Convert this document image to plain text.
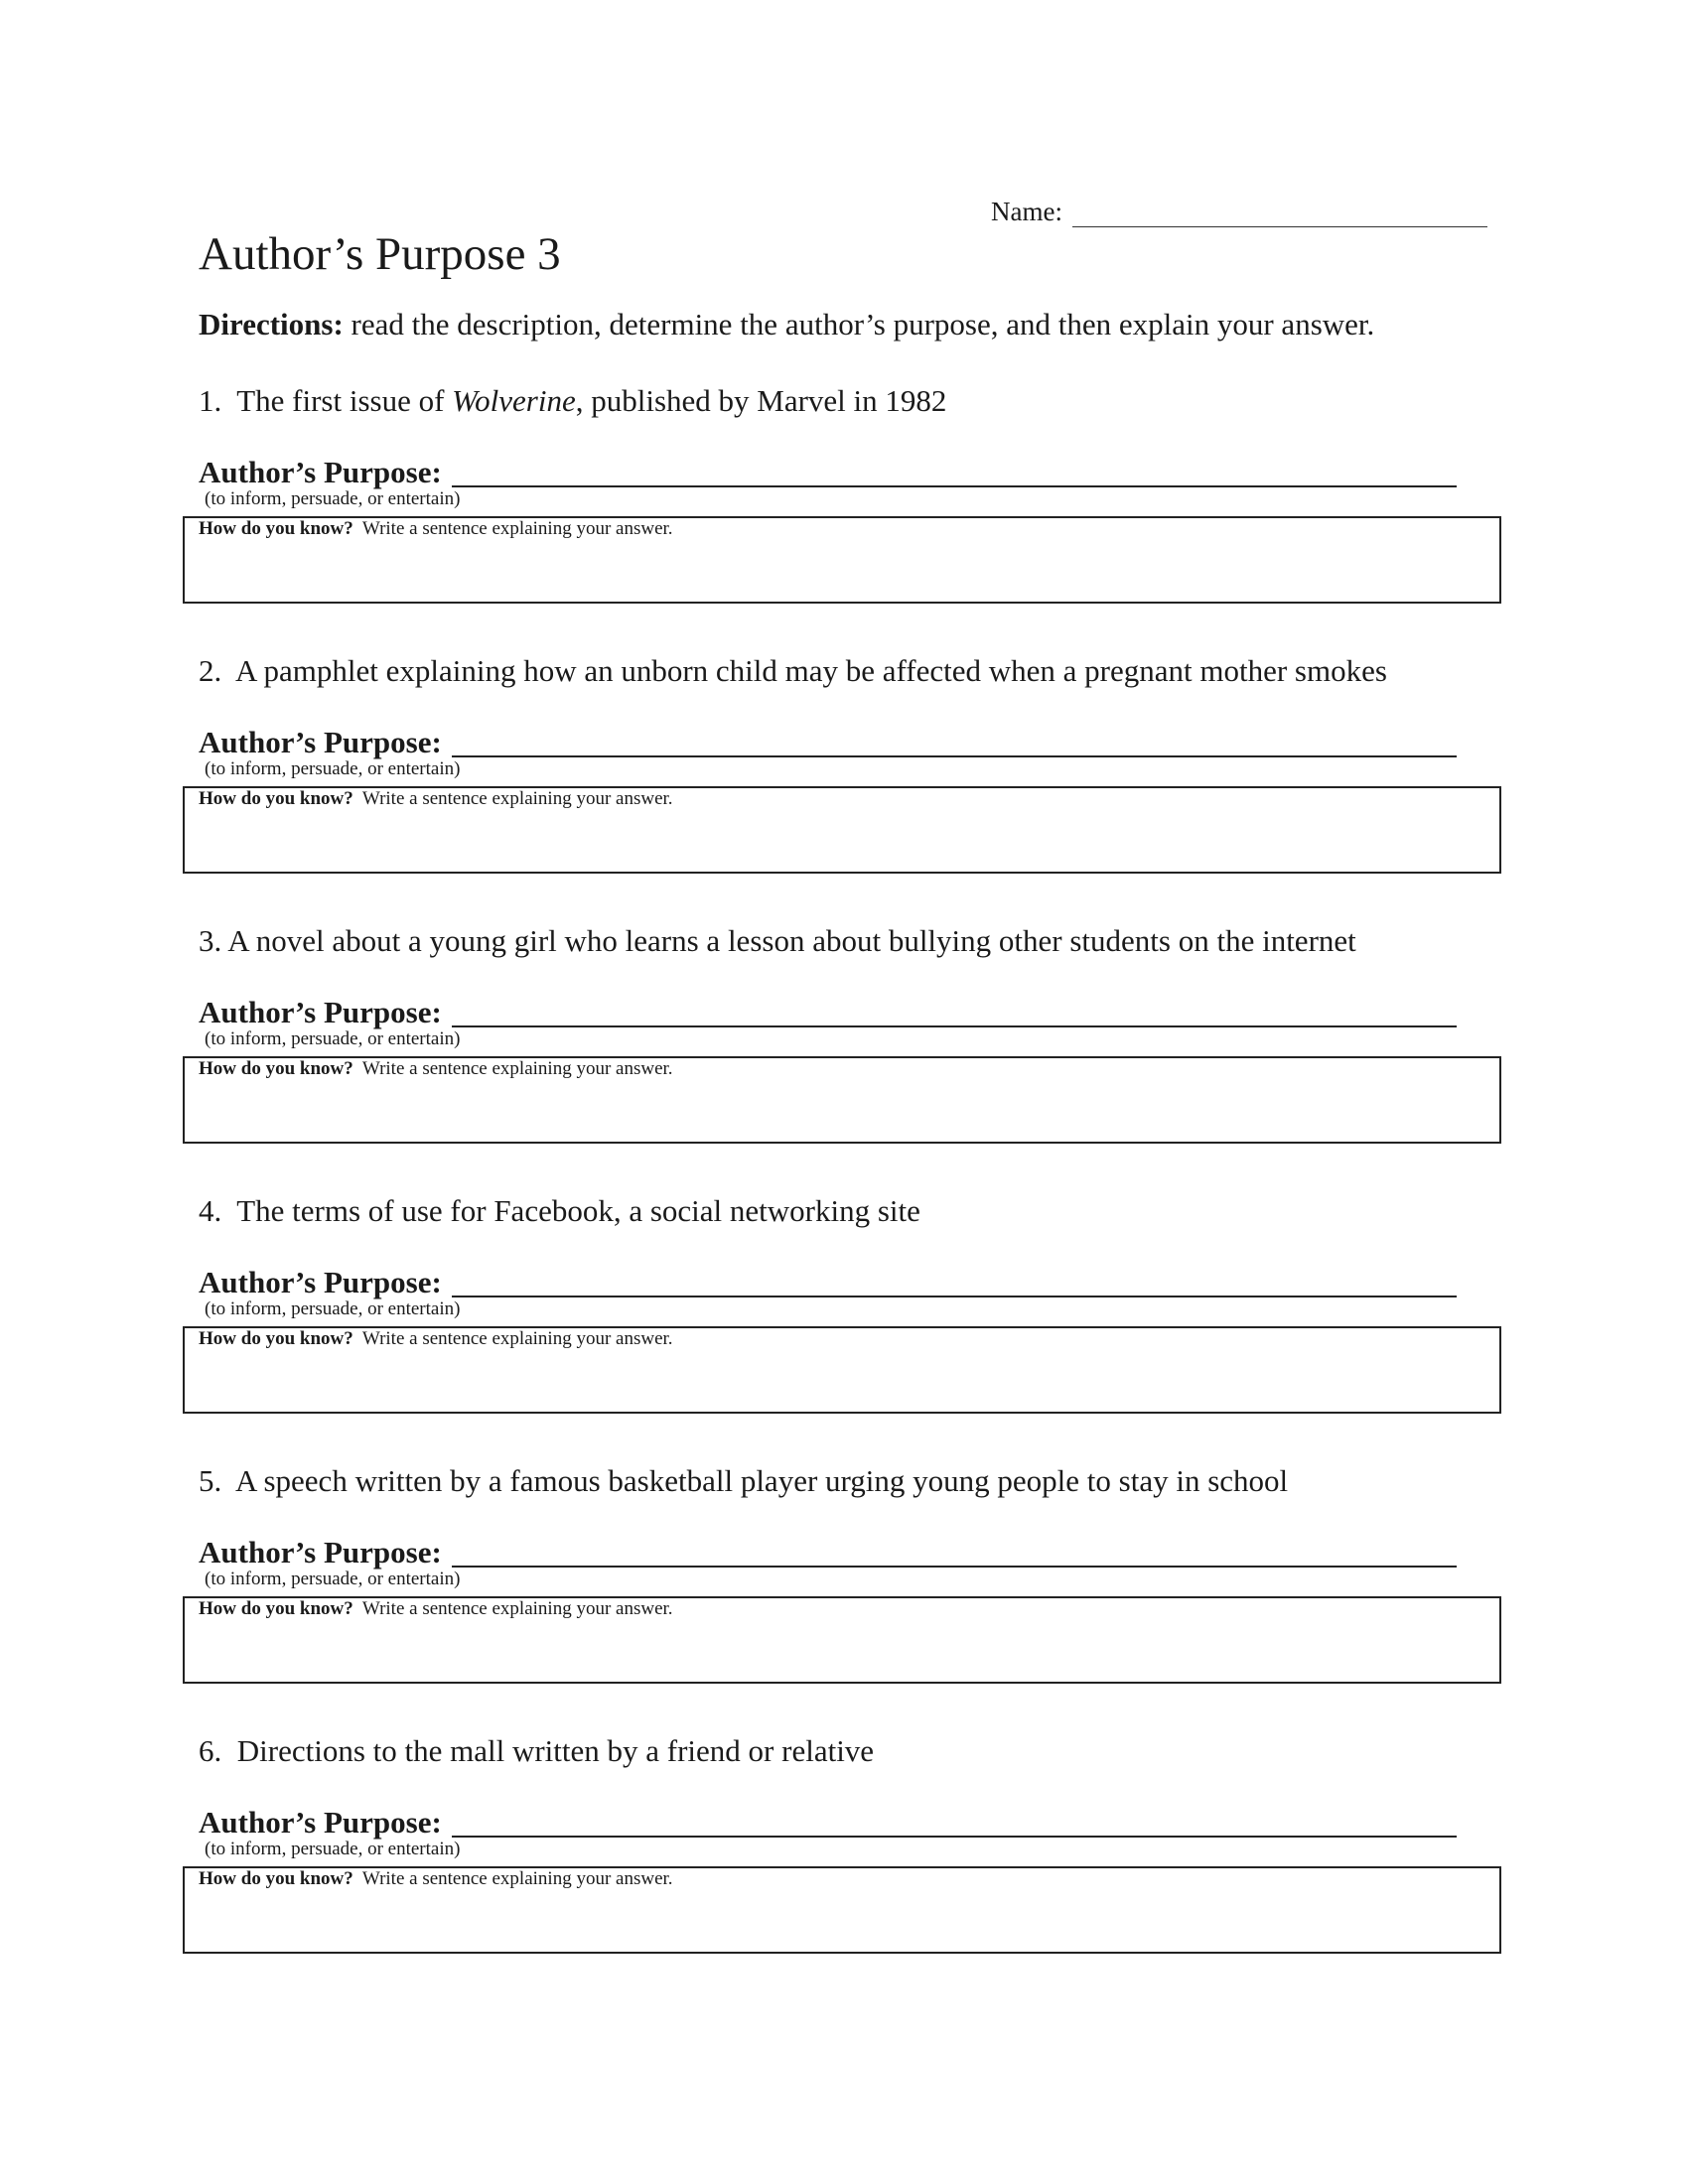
Name:
Author’s Purpose 3
Directions: read the description, determine the author’s purpose, and then explain your answer.
1. The first issue of Wolverine, published by Marvel in 1982
Author’s Purpose:
(to inform, persuade, or entertain)
How do you know?  Write a sentence explaining your answer.
2. A pamphlet explaining how an unborn child may be affected when a pregnant mother smokes
Author’s Purpose:
(to inform, persuade, or entertain)
How do you know?  Write a sentence explaining your answer.
3. A novel about a young girl who learns a lesson about bullying other students on the internet
Author’s Purpose:
(to inform, persuade, or entertain)
How do you know?  Write a sentence explaining your answer.
4. The terms of use for Facebook, a social networking site
Author’s Purpose:
(to inform, persuade, or entertain)
How do you know?  Write a sentence explaining your answer.
5. A speech written by a famous basketball player urging young people to stay in school
Author’s Purpose:
(to inform, persuade, or entertain)
How do you know?  Write a sentence explaining your answer.
6. Directions to the mall written by a friend or relative
Author’s Purpose:
(to inform, persuade, or entertain)
How do you know?  Write a sentence explaining your answer.
